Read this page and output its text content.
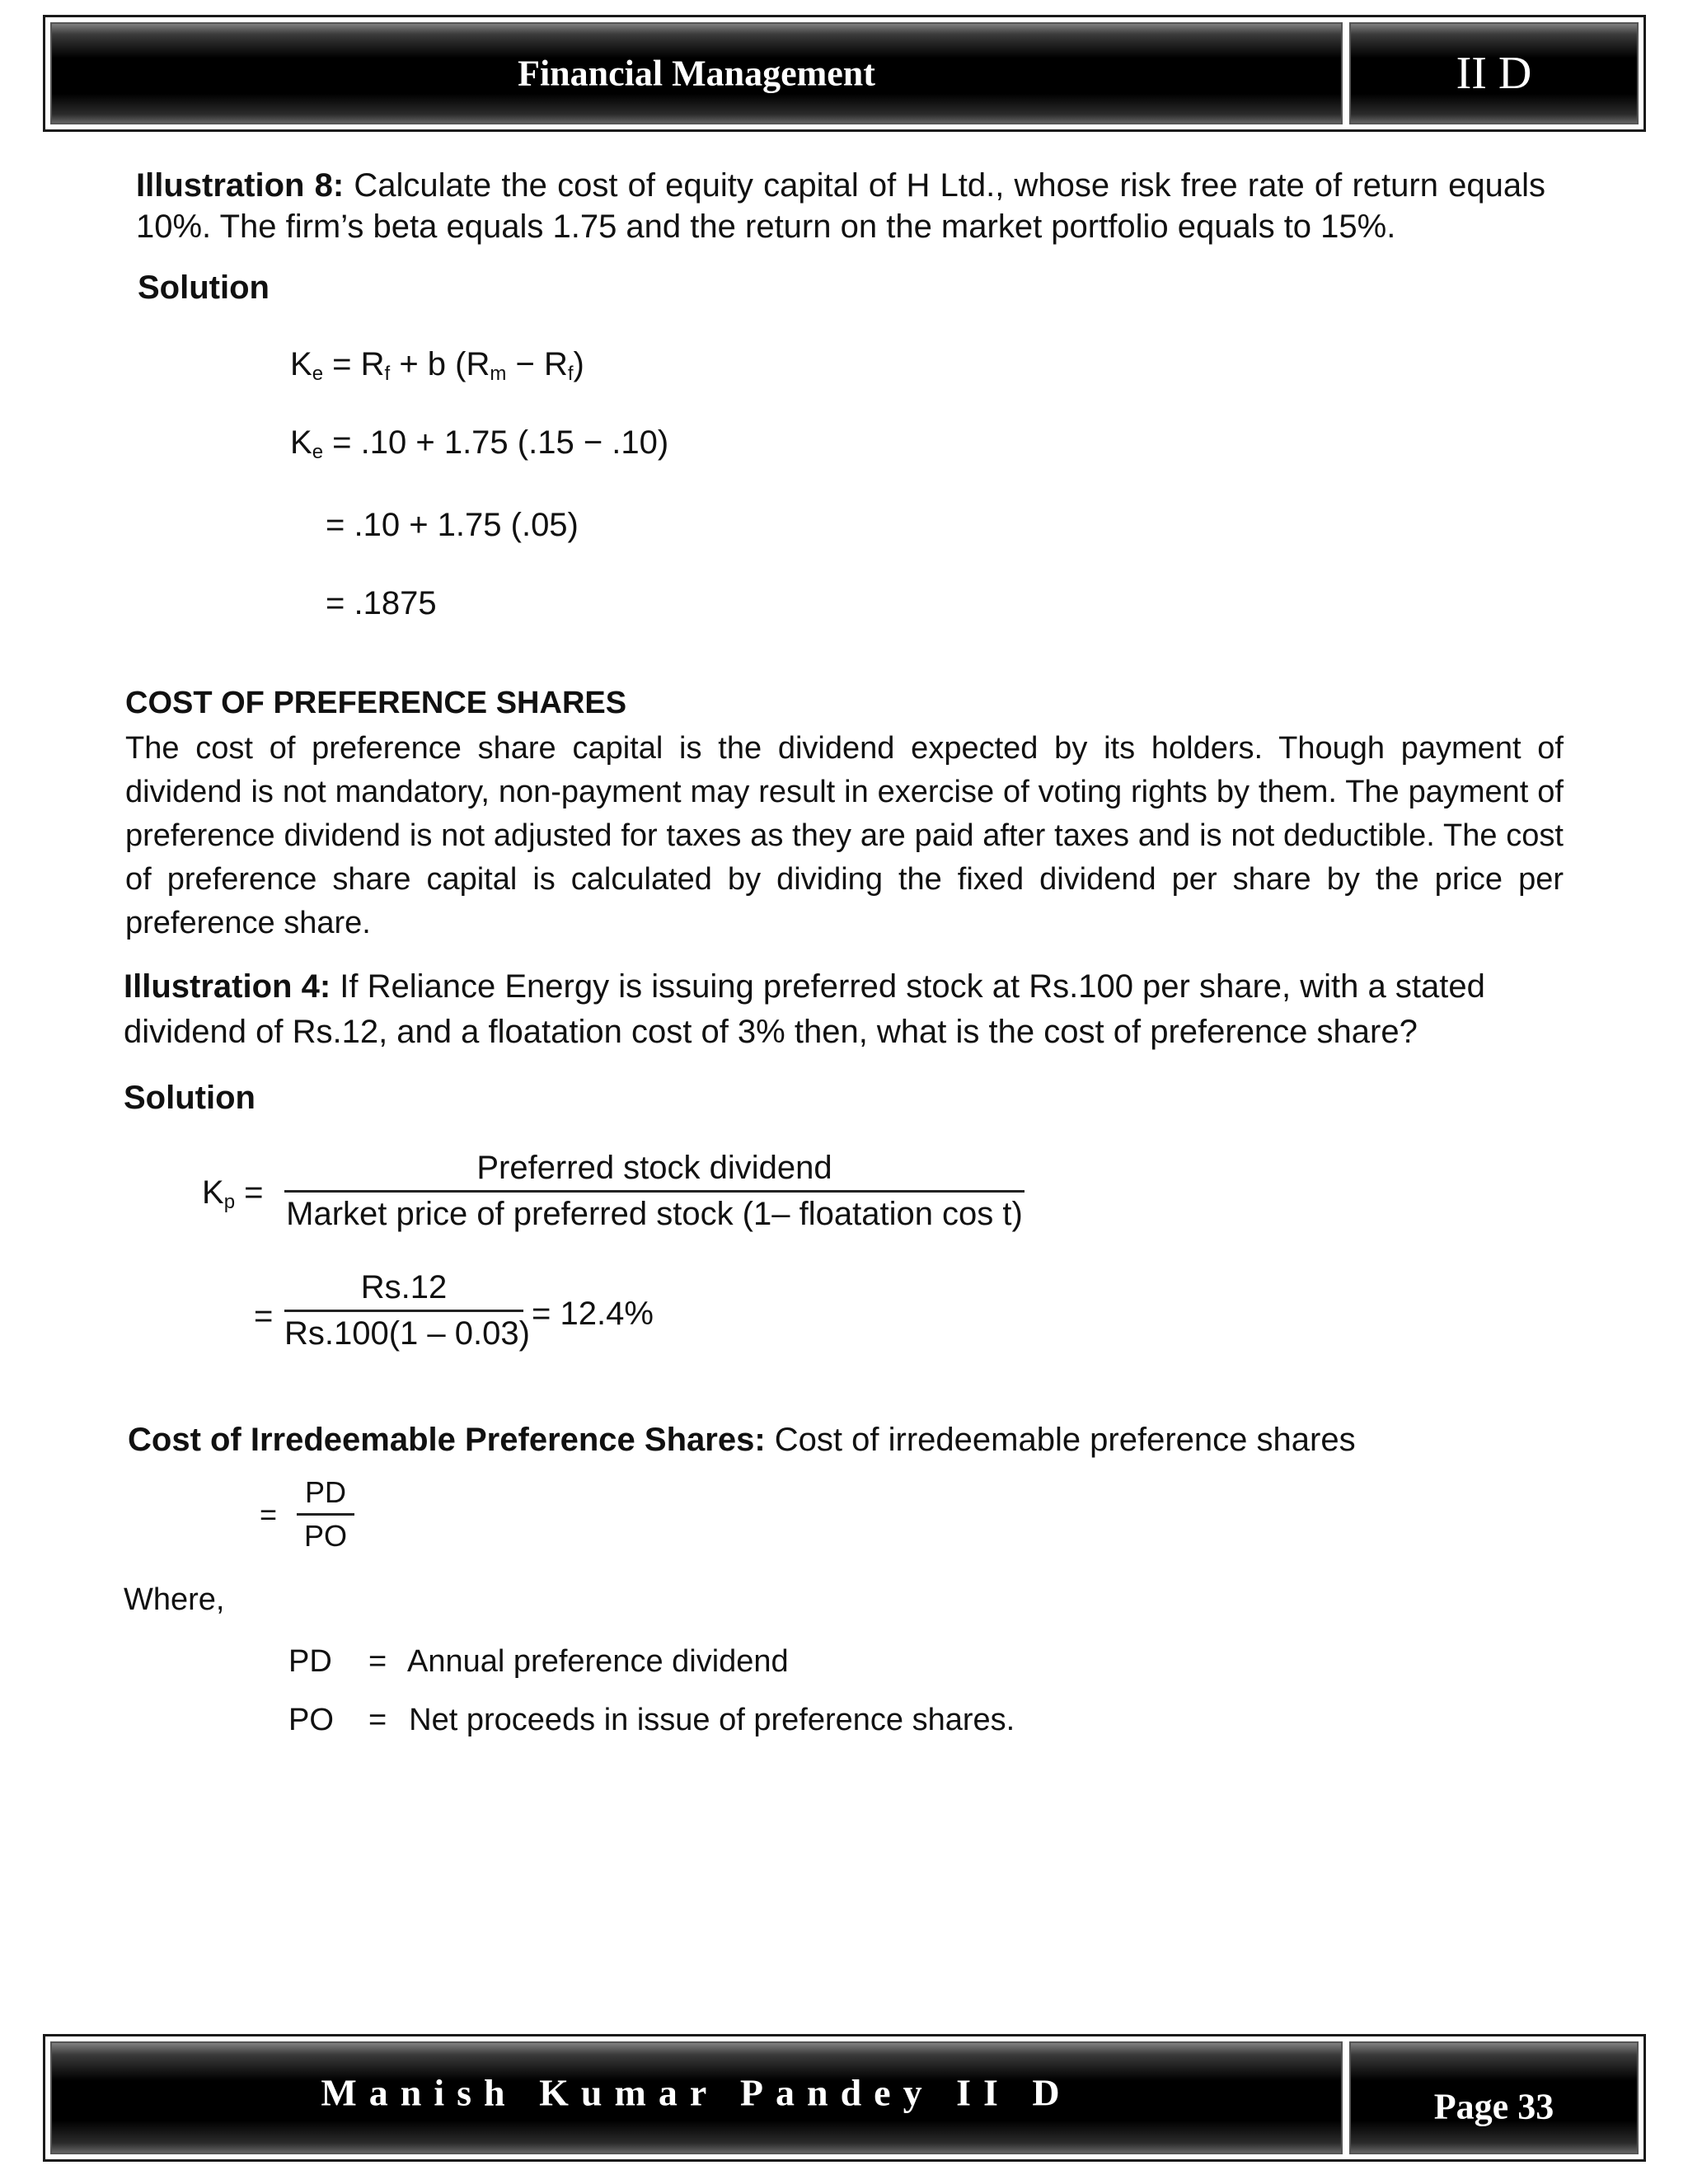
Financial Management	II D
Illustration 8: Calculate the cost of equity capital of H Ltd., whose risk free rate of return equals 10%. The firm’s beta equals 1.75 and the return on the market portfolio equals to 15%.
Solution
$K_e = R_f + b$ $(R_m - R_f)$
$K_e = .10 + 1.75$ (.15 − .10)
= .10 + 1.75 (.05)
= .1875
COST OF PREFERENCE SHARES
The cost of preference share capital is the dividend expected by its holders. Though payment of dividend is not mandatory, non-payment may result in exercise of voting rights by them. The payment of preference dividend is not adjusted for taxes as they are paid after taxes and is not deductible. The cost of preference share capital is calculated by dividing the fixed dividend per share by the price per preference share.
Illustration 4: If Reliance Energy is issuing preferred stock at Rs.100 per share, with a stated dividend of Rs.12, and a floatation cost of 3% then, what is the cost of preference share?
Solution
$K_p$ =
Preferred stock dividend
Market price of preferred stock (1– floatation cos t)
=
Rs.12
Rs.100(1 – 0.03)
= 12.4%
Cost of Irredeemable Preference Shares: Cost of irredeemable preference shares
=
PD
PO
Where,
PD = Annual preference dividend
PO = Net proceeds in issue of preference shares.
Manish Kumar Pandey II D	Page 33
